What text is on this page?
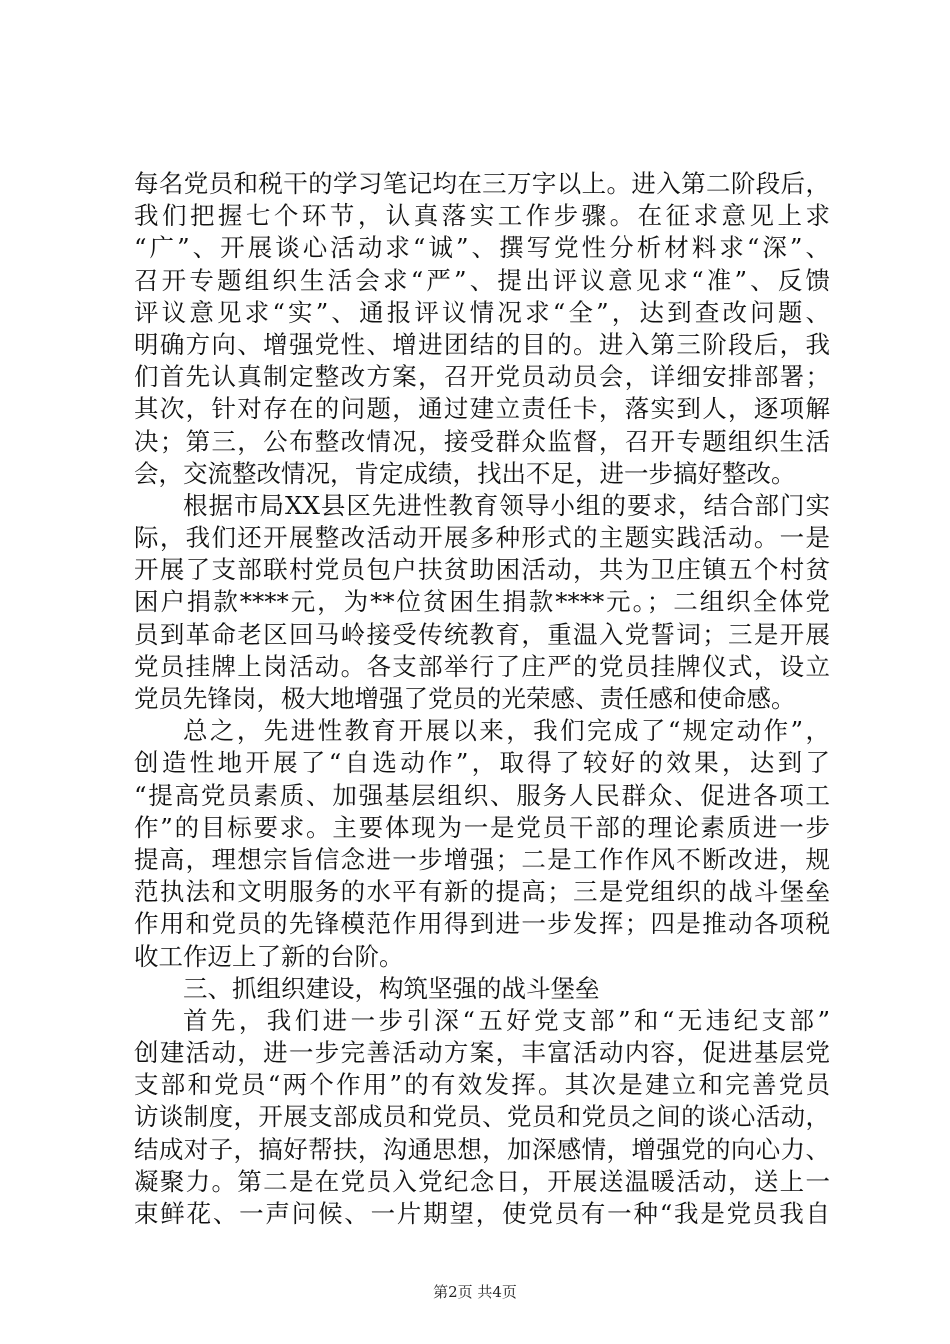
每名党员和税干的学习笔记均在三万字以上。进入第二阶段后，
我们把握七个环节，认真落实工作步骤。在征求意见上求
“广”、开展谈心活动求“诚”、撰写党性分析材料求“深”、
召开专题组织生活会求“严”、提出评议意见求“准”、反馈
评议意见求“实”、通报评议情况求“全”，达到查改问题、
明确方向、增强党性、增进团结的目的。进入第三阶段后，我
们首先认真制定整改方案，召开党员动员会，详细安排部署；
其次，针对存在的问题，通过建立责任卡，落实到人，逐项解
决；第三，公布整改情况，接受群众监督，召开专题组织生活
会，交流整改情况，肯定成绩，找出不足，进一步搞好整改。
根据市局XX县区先进性教育领导小组的要求，结合部门实
际，我们还开展整改活动开展多种形式的主题实践活动。一是
开展了支部联村党员包户扶贫助困活动，共为卫庄镇五个村贫
困户捐款****元，为**位贫困生捐款****元。；二组织全体党
员到革命老区回马岭接受传统教育，重温入党誓词；三是开展
党员挂牌上岗活动。各支部举行了庄严的党员挂牌仪式，设立
党员先锋岗，极大地增强了党员的光荣感、责任感和使命感。
总之，先进性教育开展以来，我们完成了“规定动作”，
创造性地开展了“自选动作”，取得了较好的效果，达到了
“提高党员素质、加强基层组织、服务人民群众、促进各项工
作”的目标要求。主要体现为一是党员干部的理论素质进一步
提高，理想宗旨信念进一步增强；二是工作作风不断改进，规
范执法和文明服务的水平有新的提高；三是党组织的战斗堡垒
作用和党员的先锋模范作用得到进一步发挥；四是推动各项税
收工作迈上了新的台阶。
三、抓组织建设，构筑坚强的战斗堡垒
首先，我们进一步引深“五好党支部”和“无违纪支部”
创建活动，进一步完善活动方案，丰富活动内容，促进基层党
支部和党员“两个作用”的有效发挥。其次是建立和完善党员
访谈制度，开展支部成员和党员、党员和党员之间的谈心活动，
结成对子，搞好帮扶，沟通思想，加深感情，增强党的向心力、
凝聚力。第二是在党员入党纪念日，开展送温暖活动，送上一
束鲜花、一声问候、一片期望，使党员有一种“我是党员我自
第2页 共4页
